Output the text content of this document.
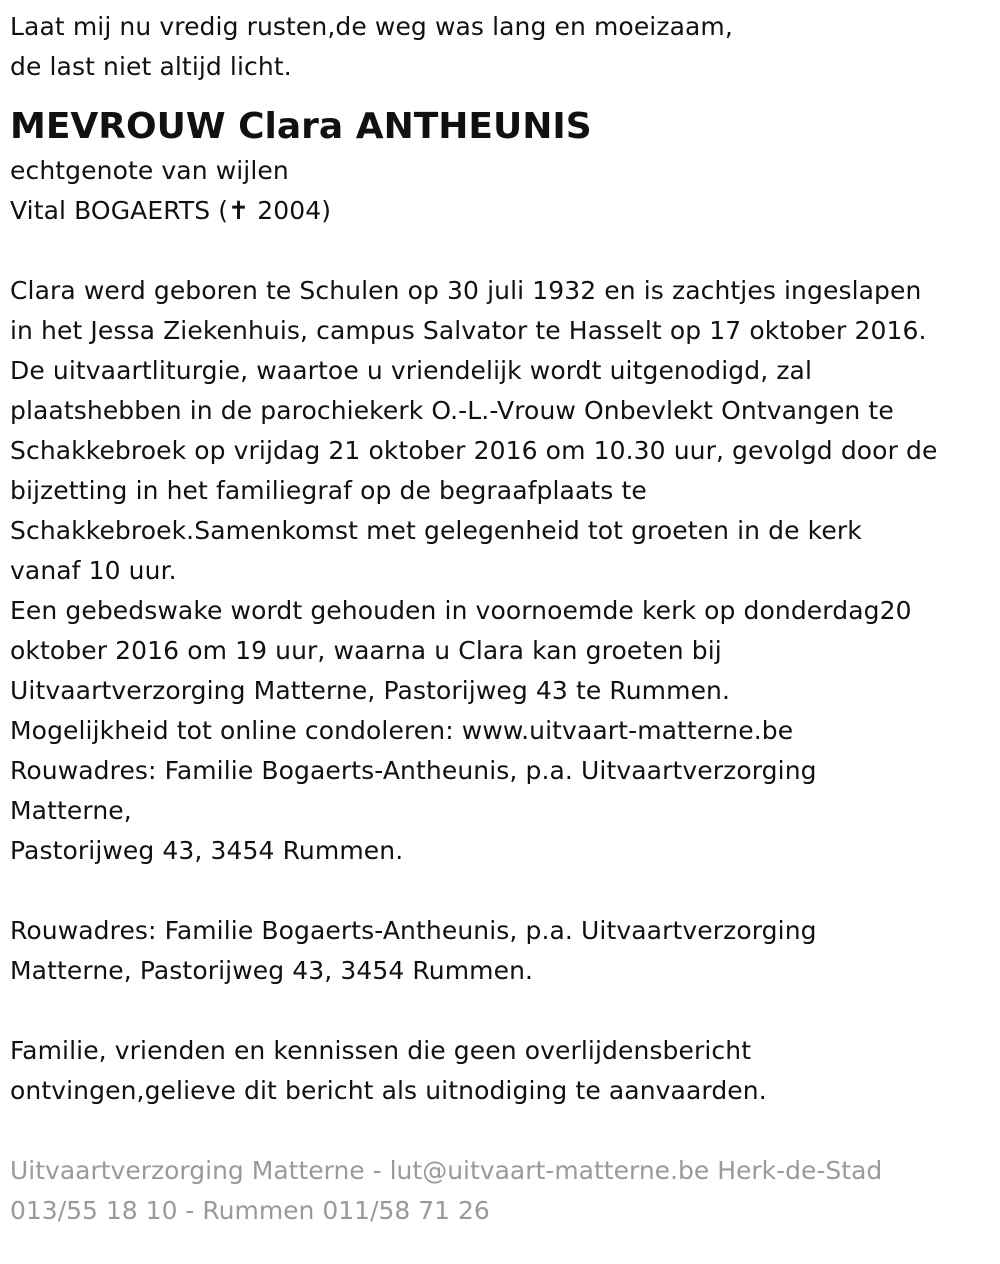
Laat mij nu vredig rusten,de weg was lang en moeizaam,

de last niet altijd licht.

MEVROUW Clara ANTHEUNIS

echtgenote van wijlen

Vital BOGAERTS (✝ 2004)

Clara werd geboren te Schulen op 30 juli 1932 en is zachtjes ingeslapen

in het Jessa Ziekenhuis, campus Salvator te Hasselt op 17 oktober 2016.

De uitvaartliturgie, waartoe u vriendelijk wordt uitgenodigd, zal

plaatshebben in de parochiekerk O.-L.-Vrouw Onbevlekt Ontvangen te

Schakkebroek op vrijdag 21 oktober 2016 om 10.30 uur, gevolgd door de

bijzetting in het familiegraf op de begraafplaats te

Schakkebroek.Samenkomst met gelegenheid tot groeten in de kerk

vanaf 10 uur.

Een gebedswake wordt gehouden in voornoemde kerk op donderdag20

oktober 2016 om 19 uur, waarna u Clara kan groeten bij

Uitvaartverzorging Matterne, Pastorijweg 43 te Rummen.

Mogelijkheid tot online condoleren: www.uitvaart-matterne.be

Rouwadres: Familie Bogaerts-Antheunis, p.a. Uitvaartverzorging

Matterne,

Pastorijweg 43, 3454 Rummen.

Rouwadres: Familie Bogaerts-Antheunis, p.a. Uitvaartverzorging

Matterne, Pastorijweg 43, 3454 Rummen.

Familie, vrienden en kennissen die geen overlijdensbericht

ontvingen,gelieve dit bericht als uitnodiging te aanvaarden.

Uitvaartverzorging Matterne - lut@uitvaart-matterne.be Herk-de-Stad

013/55 18 10 - Rummen 011/58 71 26
